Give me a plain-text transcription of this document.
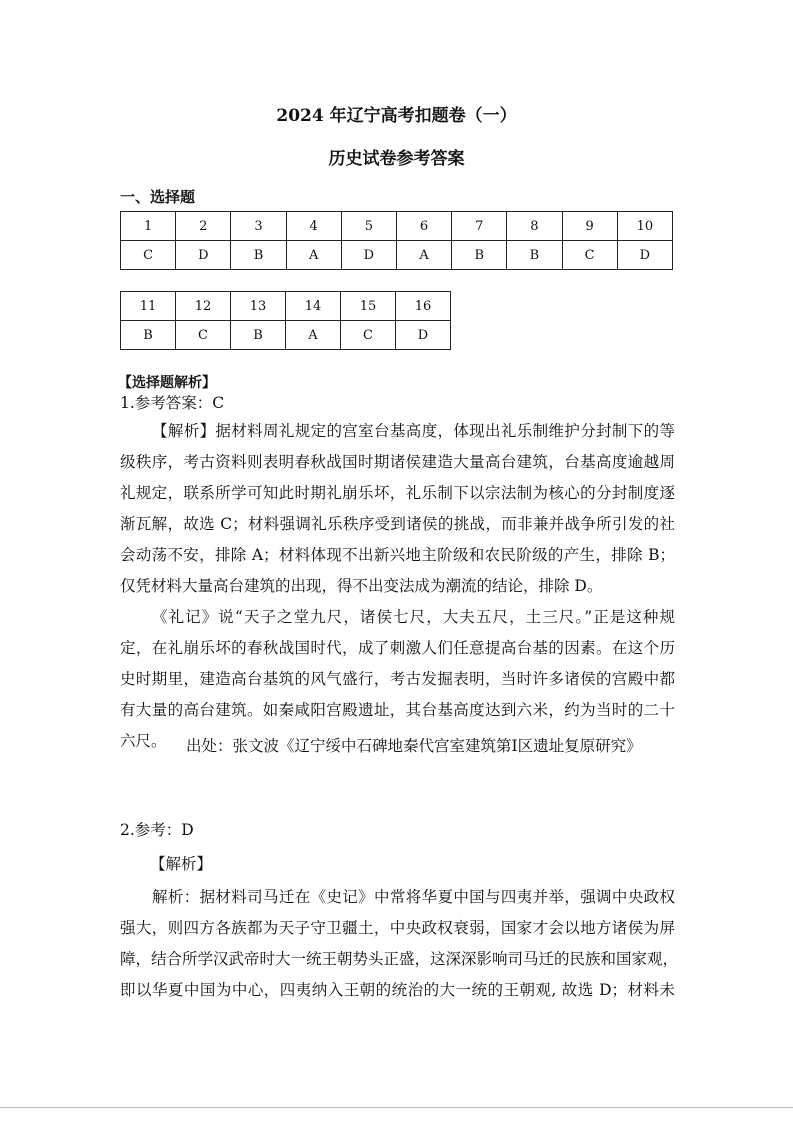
2024 年辽宁高考扣题卷（一）
历史试卷参考答案
一、选择题
1	2	3	4	5	6	7	8	9	10
C	D	B	A	D	A	B	B	C	D
11	12	13	14	15	16
B	C	B	A	C	D
【选择题解析】
1.参考答案：C
【解析】据材料周礼规定的宫室台基高度，体现出礼乐制维护分封制下的等
级秩序，考古资料则表明春秋战国时期诸侯建造大量高台建筑，台基高度逾越周
礼规定，联系所学可知此时期礼崩乐坏，礼乐制下以宗法制为核心的分封制度逐
渐瓦解，故选 C；材料强调礼乐秩序受到诸侯的挑战，而非兼并战争所引发的社
会动荡不安，排除 A；材料体现不出新兴地主阶级和农民阶级的产生，排除 B；
仅凭材料大量高台建筑的出现，得不出变法成为潮流的结论，排除 D。
《礼记》说“天子之堂九尺，诸侯七尺，大夫五尺，土三尺。”正是这种规
定，在礼崩乐坏的春秋战国时代，成了刺激人们任意提高台基的因素。在这个历
史时期里，建造高台基筑的风气盛行，考古发掘表明，当时许多诸侯的宫殿中都
有大量的高台建筑。如秦咸阳宫殿遗址，其台基高度达到六米，约为当时的二十
六尺。	出处：张文波《辽宁绥中石碑地秦代宫室建筑第Ⅰ区遗址复原研究》
2.参考：D
【解析】
解析：据材料司马迁在《史记》中常将华夏中国与四夷并举，强调中央政权
强大，则四方各族都为天子守卫疆土，中央政权衰弱，国家才会以地方诸侯为屏
障，结合所学汉武帝时大一统王朝势头正盛，这深深影响司马迁的民族和国家观，
即以华夏中国为中心，四夷纳入王朝的统治的大一统的王朝观, 故选 D；材料未
